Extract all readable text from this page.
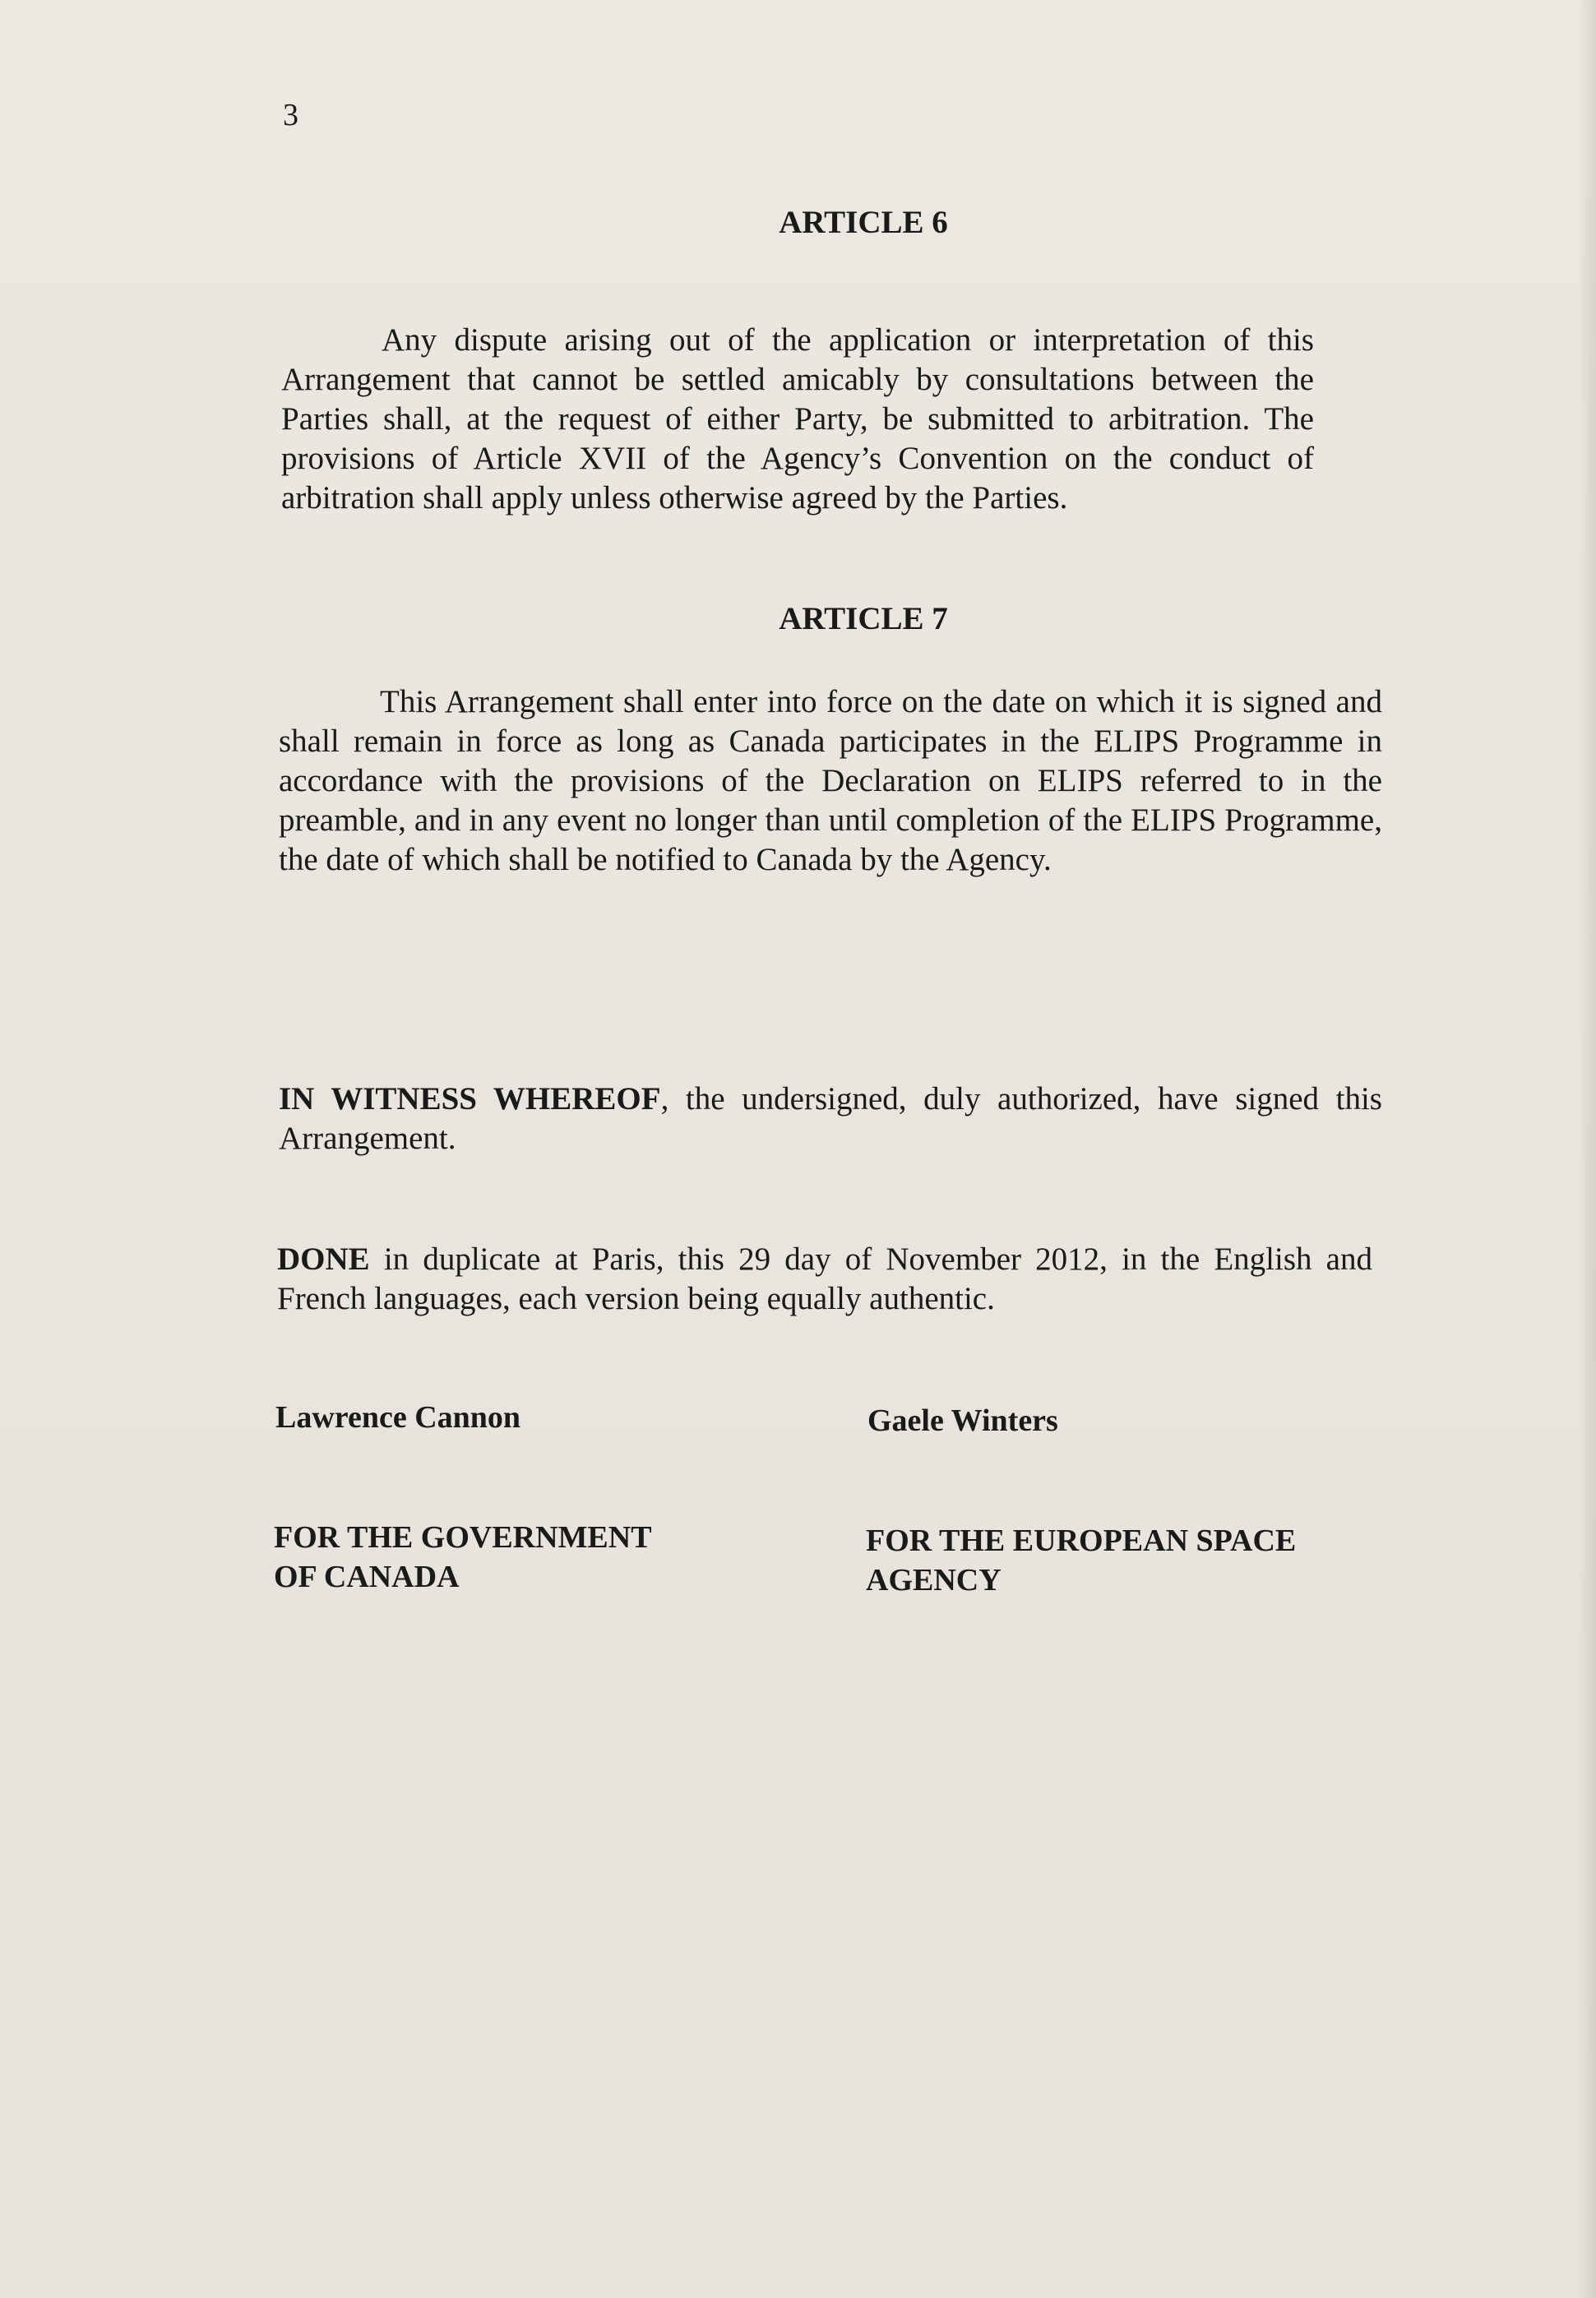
3
ARTICLE 6
Any dispute arising out of the application or interpretation of this Arrangement that cannot be settled amicably by consultations between the Parties shall, at the request of either Party, be submitted to arbitration. The provisions of Article XVII of the Agency’s Convention on the conduct of arbitration shall apply unless otherwise agreed by the Parties.
ARTICLE 7
This Arrangement shall enter into force on the date on which it is signed and shall remain in force as long as Canada participates in the ELIPS Programme in accordance with the provisions of the Declaration on ELIPS referred to in the preamble, and in any event no longer than until completion of the ELIPS Programme, the date of which shall be notified to Canada by the Agency.
IN WITNESS WHEREOF, the undersigned, duly authorized, have signed this Arrangement.
DONE in duplicate at Paris, this 29 day of November 2012, in the English and French languages, each version being equally authentic.
Lawrence Cannon	Gaele Winters
FOR THE GOVERNMENT
OF CANADA
FOR THE EUROPEAN SPACE
AGENCY
